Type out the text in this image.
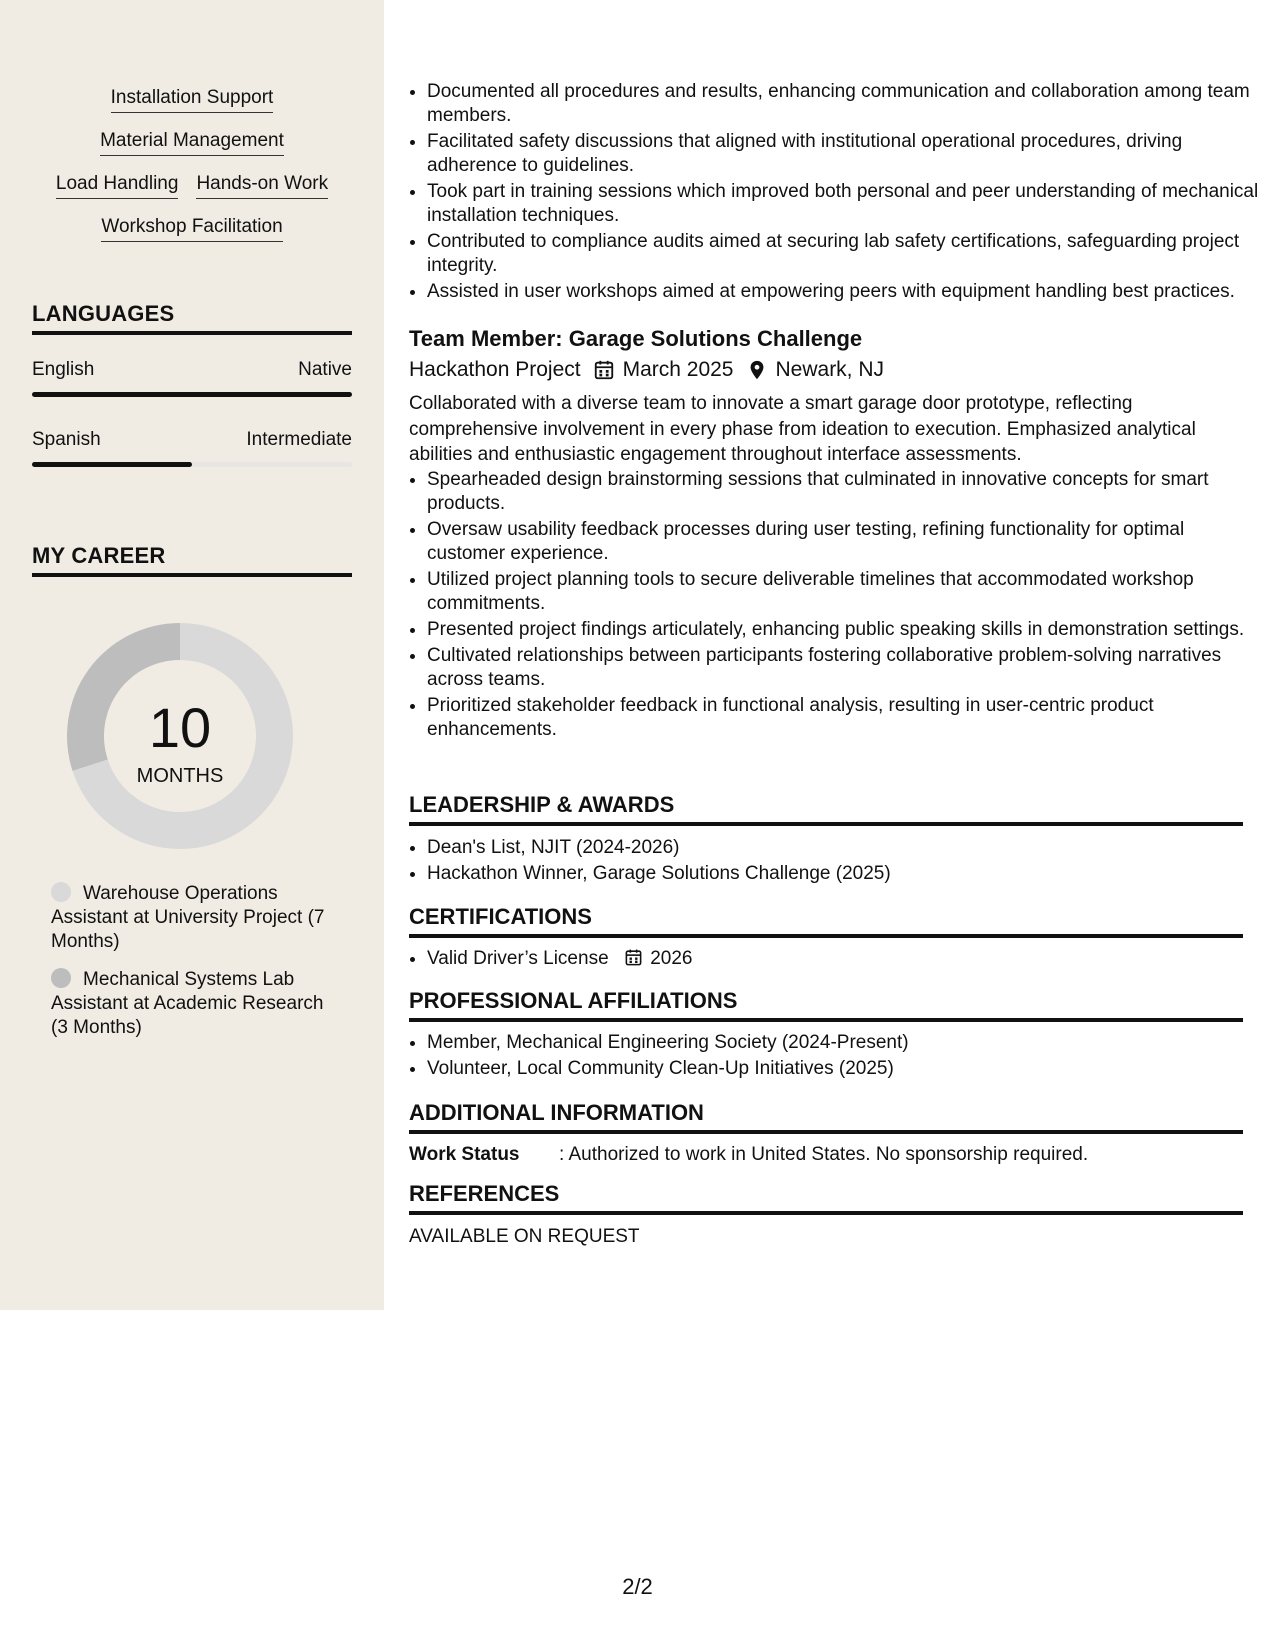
Installation Support
Material Management
Load Handling Hands-on Work
Workshop Facilitation
LANGUAGES
English	Native
Spanish	Intermediate
MY CAREER
10
MONTHS
Warehouse Operations Assistant at University Project (7 Months)
Mechanical Systems Lab Assistant at Academic Research (3 Months)
• Documented all procedures and results, enhancing communication and collaboration among team members.
• Facilitated safety discussions that aligned with institutional operational procedures, driving adherence to guidelines.
• Took part in training sessions which improved both personal and peer understanding of mechanical installation techniques.
• Contributed to compliance audits aimed at securing lab safety certifications, safeguarding project integrity.
• Assisted in user workshops aimed at empowering peers with equipment handling best practices.
Team Member: Garage Solutions Challenge
Hackathon Project March 2025 Newark, NJ
Collaborated with a diverse team to innovate a smart garage door prototype, reflecting comprehensive involvement in every phase from ideation to execution. Emphasized analytical abilities and enthusiastic engagement throughout interface assessments.
• Spearheaded design brainstorming sessions that culminated in innovative concepts for smart products.
• Oversaw usability feedback processes during user testing, refining functionality for optimal customer experience.
• Utilized project planning tools to secure deliverable timelines that accommodated workshop commitments.
• Presented project findings articulately, enhancing public speaking skills in demonstration settings.
• Cultivated relationships between participants fostering collaborative problem-solving narratives across teams.
• Prioritized stakeholder feedback in functional analysis, resulting in user-centric product enhancements.
LEADERSHIP & AWARDS
• Dean's List, NJIT (2024-2026)
• Hackathon Winner, Garage Solutions Challenge (2025)
CERTIFICATIONS
• Valid Driver’s License 2026
PROFESSIONAL AFFILIATIONS
• Member, Mechanical Engineering Society (2024-Present)
• Volunteer, Local Community Clean-Up Initiatives (2025)
ADDITIONAL INFORMATION
Work Status : Authorized to work in United States. No sponsorship required.
REFERENCES
AVAILABLE ON REQUEST
2/2
